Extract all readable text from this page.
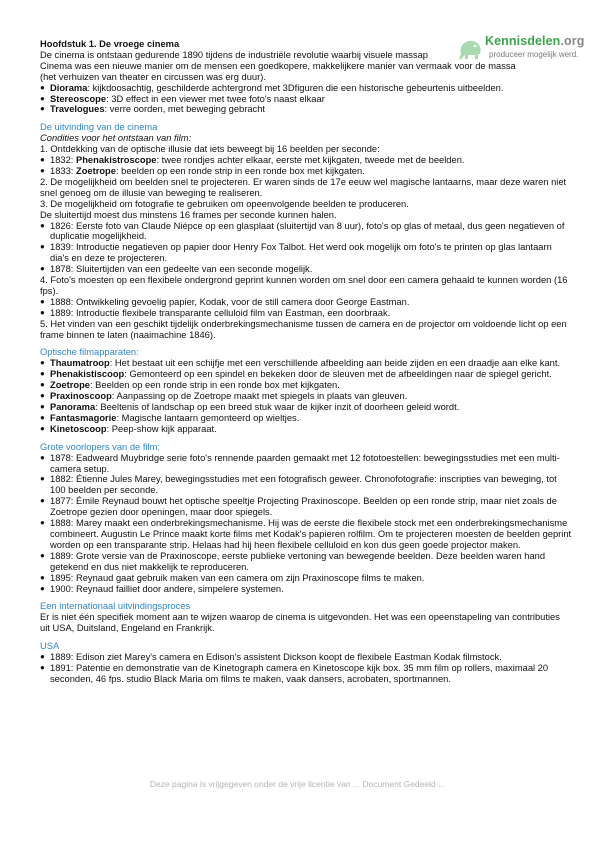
Kennisdelen.org
produceer mogelijk werd.
Hoofdstuk 1. De vroege cinema
De cinema is ontstaan gedurende 1890 tijdens de industriële revolutie waarbij visuele massap
Cinema was een nieuwe manier om de mensen een goedkopere, makkelijkere manier van vermaak voor de massa
(het verhuizen van theater en circussen was erg duur).
● Diorama: kijkdoosachtig, geschilderde achtergrond met 3Dfiguren die een historische gebeurtenis uitbeelden.
● Stereoscope: 3D effect in een viewer met twee foto's naast elkaar
● Travelogues: verre oorden, met beweging gebracht
De uitvinding van de cinema
Condities voor het ontstaan van film:
1. Ontdekking van de optische illusie dat iets beweegt bij 16 beelden per seconde:
● 1832: Phenakistroscope: twee rondjes achter elkaar, eerste met kijkgaten, tweede met de beelden.
● 1833: Zoetrope: beelden op een ronde strip in een ronde box met kijkgaten.
2. De mogelijkheid om beelden snel te projecteren. Er waren sinds de 17e eeuw wel magische lantaarns, maar deze waren niet snel genoeg om de illusie van beweging te realiseren.
3. De mogelijkheid om fotografie te gebruiken om opeenvolgende beelden te produceren.
De sluitertijd moest dus minstens 16 frames per seconde kunnen halen.
● 1826: Eerste foto van Claude Niépce op een glasplaat (sluitertijd van 8 uur), foto's op glas of metaal, dus geen negatieven of duplicatie mogelijkheid.
● 1839: Introductie negatieven op papier door Henry Fox Talbot. Het werd ook mogelijk om foto's te printen op glas lantaarn dia's en deze te projecteren.
● 1878: Sluitertijden van een gedeelte van een seconde mogelijk.
4. Foto's moesten op een flexibele ondergrond geprint kunnen worden om snel door een camera gehaald te kunnen worden (16 fps).
● 1888: Ontwikkeling gevoelig papier, Kodak, voor de still camera door George Eastman.
● 1889: Introductie flexibele transparante celluloid film van Eastman, een doorbraak.
5. Het vinden van een geschikt tijdelijk onderbrekingsmechanisme tussen de camera en de projector om voldoende licht op een frame binnen te laten (naaimachine 1846).
Optische filmapparaten:
● Thaumatroop: Het bestaat uit een schijfje met een verschillende afbeelding aan beide zijden en een draadje aan elke kant.
● Phenakistiscoop: Gemonteerd op een spindel en bekeken door de sleuven met de afbeeldingen naar de spiegel gericht.
● Zoetrope: Beelden op een ronde strip in een ronde box met kijkgaten.
● Praxinoscoop: Aanpassing op de Zoetrope maakt met spiegels in plaats van gleuven.
● Panorama: Beeltenis of landschap op een breed stuk waar de kijker inzit of doorheen geleid wordt.
● Fantasmagorie: Magische lantaarn gemonteerd op wieltjes.
● Kinetoscoop: Peep-show kijk apparaat.
Grote voorlopers van de film:
● 1878: Eadweard Muybridge serie foto's rennende paarden gemaakt met 12 fototoestellen: bewegingsstudies met een multi-camera setup.
● 1882: Étienne Jules Marey, bewegingsstudies met een fotografisch geweer. Chronofotografie: inscripties van beweging, tot 100 beelden per seconde.
● 1877: Émile Reynaud bouwt het optische speeltje Projecting Praxinoscope. Beelden op een ronde strip, maar niet zoals de Zoetrope gezien door openingen, maar door spiegels.
● 1888: Marey maakt een onderbrekingsmechanisme. Hij was de eerste die flexibele stock met een onderbrekingsmechanisme combineert. Augustin Le Prince maakt korte films met Kodak's papieren rolfilm. Om te projecteren moesten de beelden geprint worden op een transparante strip. Helaas had hij heen flexibele celluloid en kon dus geen goede projector maken.
● 1889: Grote versie van de Praxinoscope, eerste publieke vertoning van bewegende beelden. Deze beelden waren hand getekend en dus niet makkelijk te reproduceren.
● 1895: Reynaud gaat gebruik maken van een camera om zijn Praxinoscope films te maken.
● 1900: Reynaud failliet door andere, simpelere systemen.
Een internationaal uitvindingsproces
Er is niet één specifiek moment aan te wijzen waarop de cinema is uitgevonden. Het was een opeenstapeling van contributies uit USA, Duitsland, Engeland en Frankrijk.
USA
● 1889: Edison ziet Marey's camera en Edison's assistent Dickson koopt de flexibele Eastman Kodak filmstock.
● 1891: Patentie en demonstratie van de Kinetograph camera en Kinetoscope kijk box. 35 mm film op rollers, maximaal 20 seconden, 46 fps. studio Black Maria om films te maken, vaak dansers, acrobaten, sportmannen.
Deze pagina is vrijgegeven onder de vrije licentie van ... Document Gedeeld ...
